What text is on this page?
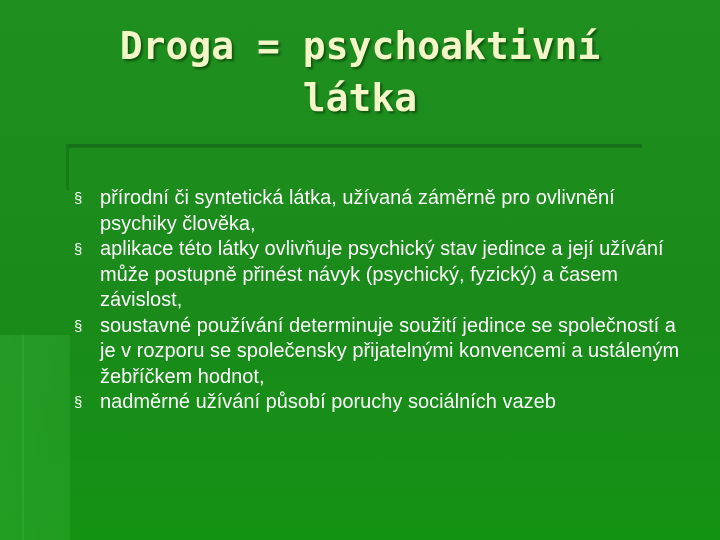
Droga = psychoaktivní
látka
§ přírodní či syntetická látka, užívaná záměrně pro ovlivnění psychiky člověka,
§ aplikace této látky ovlivňuje psychický stav jedince a její užívání může postupně přinést návyk (psychický, fyzický) a časem závislost,
§ soustavné používání determinuje soužití jedince se společností a je v rozporu se společensky přijatelnými konvencemi a ustáleným žebříčkem hodnot,
§ nadměrné užívání působí poruchy sociálních vazeb
